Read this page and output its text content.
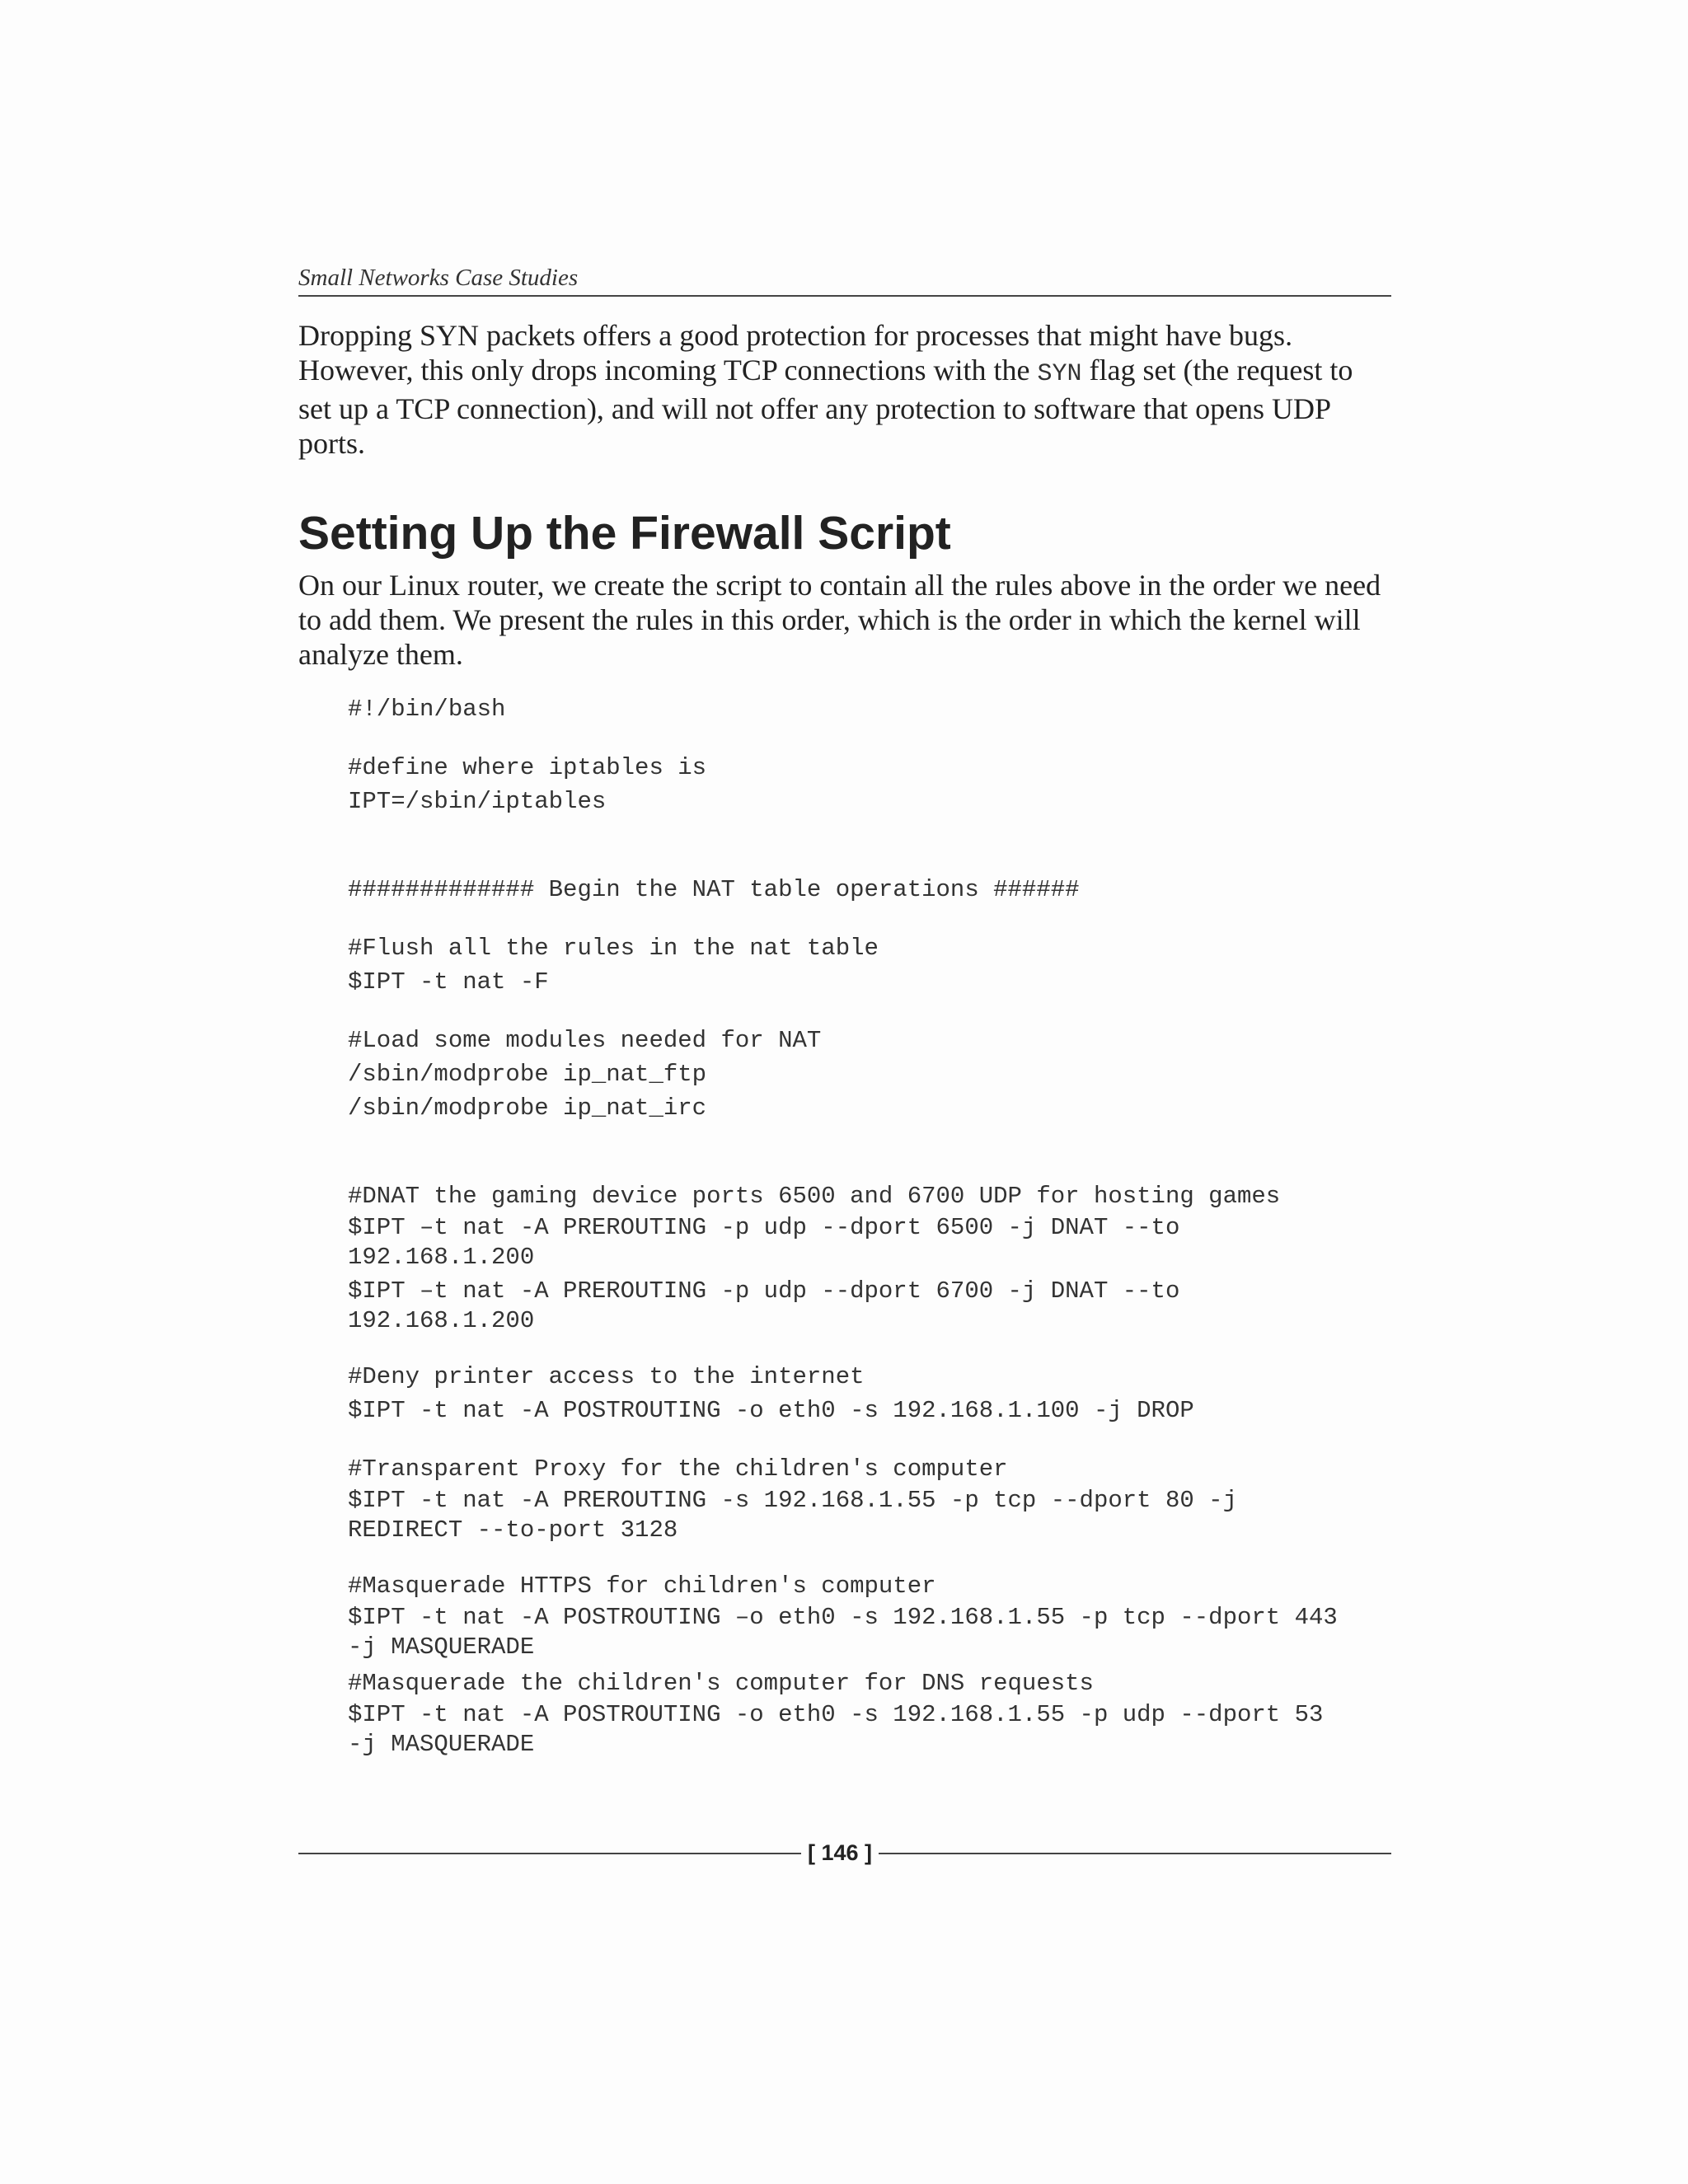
Small Networks Case Studies

Dropping SYN packets offers a good protection for processes that might have bugs. However, this only drops incoming TCP connections with the SYN flag set (the request to set up a TCP connection), and will not offer any protection to software that opens UDP ports.

Setting Up the Firewall Script

On our Linux router, we create the script to contain all the rules above in the order we need to add them. We present the rules in this order, which is the order in which the kernel will analyze them.

#!/bin/bash
#define where iptables is
IPT=/sbin/iptables
############# Begin the NAT table operations ######
#Flush all the rules in the nat table
$IPT -t nat -F
#Load some modules needed for NAT
/sbin/modprobe ip_nat_ftp
/sbin/modprobe ip_nat_irc
#DNAT the gaming device ports 6500 and 6700 UDP for hosting games
$IPT –t nat -A PREROUTING -p udp --dport 6500 -j DNAT --to
192.168.1.200
$IPT –t nat -A PREROUTING -p udp --dport 6700 -j DNAT --to
192.168.1.200
#Deny printer access to the internet
$IPT -t nat -A POSTROUTING -o eth0 -s 192.168.1.100 -j DROP
#Transparent Proxy for the children's computer
$IPT -t nat -A PREROUTING -s 192.168.1.55 -p tcp --dport 80 -j
REDIRECT --to-port 3128
#Masquerade HTTPS for children's computer
$IPT -t nat -A POSTROUTING –o eth0 -s 192.168.1.55 -p tcp --dport 443
-j MASQUERADE
#Masquerade the children's computer for DNS requests
$IPT -t nat -A POSTROUTING -o eth0 -s 192.168.1.55 -p udp --dport 53
-j MASQUERADE
[ 146 ]
